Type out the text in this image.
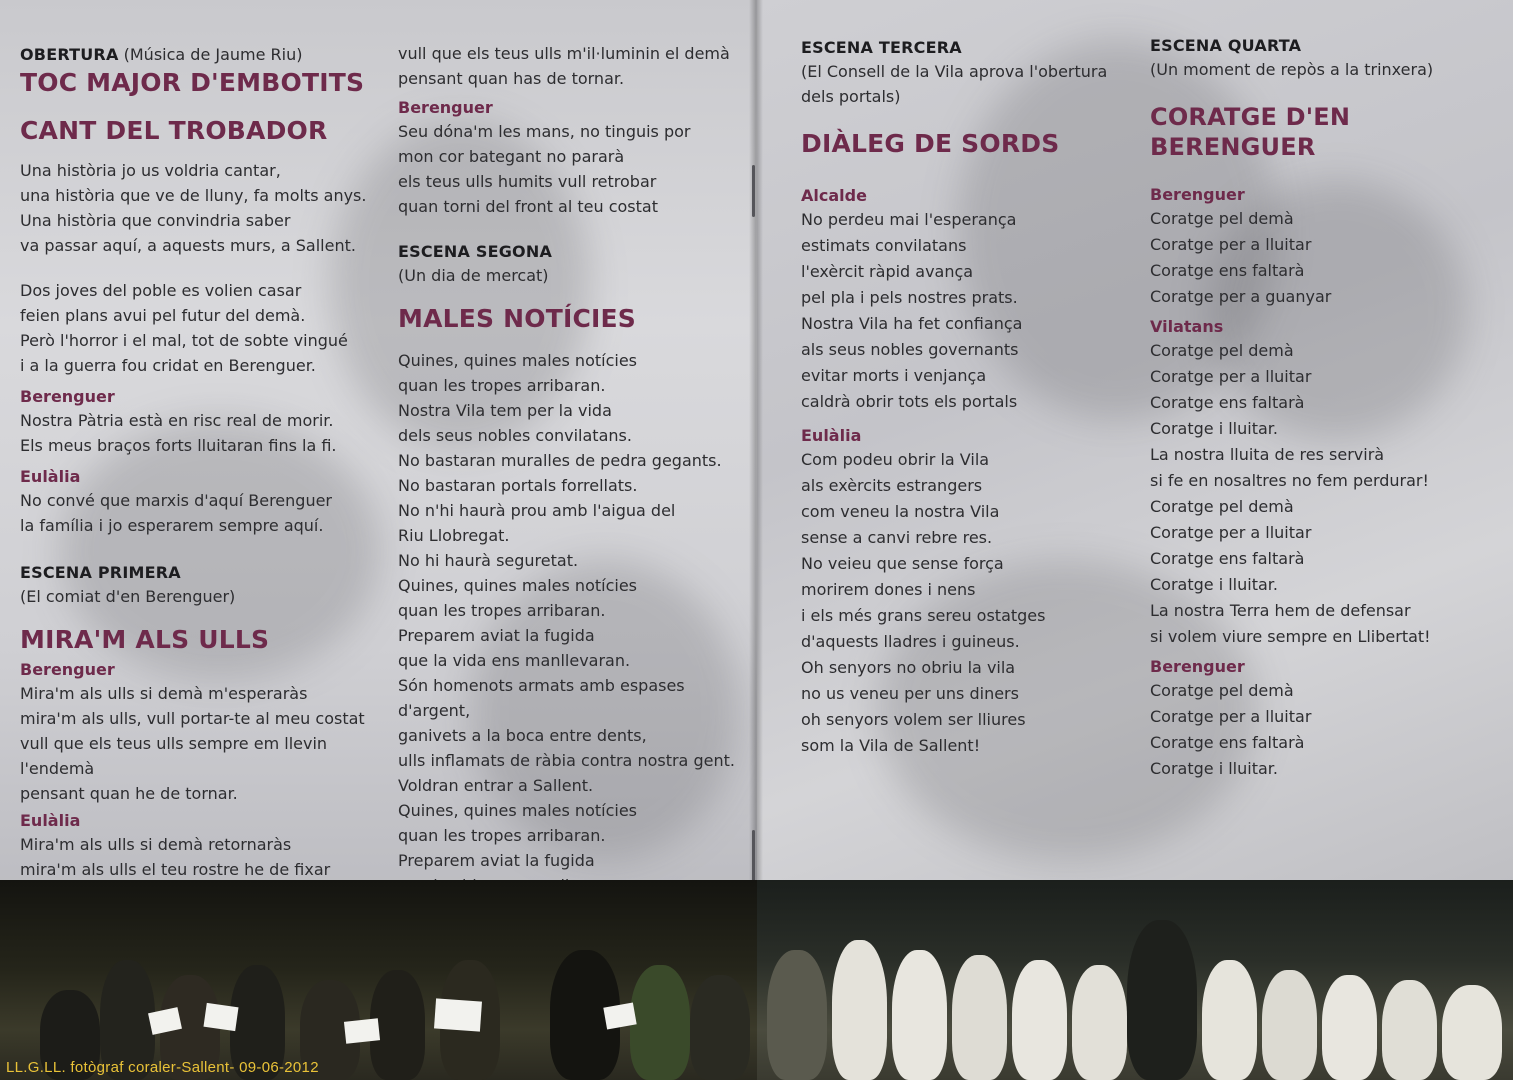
OBERTURA (Música de Jaume Riu)

TOC MAJOR D'EMBOTITS
CANT DEL TROBADOR

Una història jo us voldria cantar,

una història que ve de lluny, fa molts anys.

Una història que convindria saber

va passar aquí, a aquests murs, a Sallent.

Dos joves del poble es volien casar

feien plans avui pel futur del demà.

Però l'horror i el mal, tot de sobte vingué

i a la guerra fou cridat en Berenguer.

Berenguer

Nostra Pàtria està en risc real de morir.

Els meus braços forts lluitaran fins la fi.

Eulàlia

No convé que marxis d'aquí Berenguer

la família i jo esperarem sempre aquí.

ESCENA PRIMERA

(El comiat d'en Berenguer)

MIRA'M ALS ULLS
Berenguer

Mira'm als ulls si demà m'esperaràs

mira'm als ulls, vull portar-te al meu costat

vull que els teus ulls sempre em llevin l'endemà

pensant quan he de tornar.

Eulàlia

Mira'm als ulls si demà retornaràs

mira'm als ulls el teu rostre he de fixar

vull que els teus ulls m'il·luminin el demà

pensant quan has de tornar.

Berenguer

Seu dóna'm les mans, no tinguis por

mon cor bategant no pararà

els teus ulls humits vull retrobar

quan torni del front al teu costat

ESCENA SEGONA

(Un dia de mercat)

MALES NOTÍCIES

Quines, quines males notícies

quan les tropes arribaran.

Nostra Vila tem per la vida

dels seus nobles convilatans.

No bastaran muralles de pedra gegants.

No bastaran portals forrellats.

No n'hi haurà prou amb l'aigua del

Riu Llobregat.

No hi haurà seguretat.

Quines, quines males notícies

quan les tropes arribaran.

Preparem aviat la fugida

que la vida ens manllevaran.

Són homenots armats amb espases d'argent,

ganivets a la boca entre dents,

ulls inflamats de ràbia contra nostra gent.

Voldran entrar a Sallent.

Quines, quines males notícies

quan les tropes arribaran.

Preparem aviat la fugida

ESCENA TERCERA

(El Consell de la Vila aprova l'obertura

dels portals)

DIÀLEG DE SORDS
Alcalde

No perdeu mai l'esperança

estimats convilatans

l'exèrcit ràpid avança

pel pla i pels nostres prats.

Nostra Vila ha fet confiança

als seus nobles governants

evitar morts i venjança

caldrà obrir tots els portals

Eulàlia

Com podeu obrir la Vila

als exèrcits estrangers

com veneu la nostra Vila

sense a canvi rebre res.

No veieu que sense força

morirem dones i nens

i els més grans sereu ostatges

d'aquests lladres i guineus.

Oh senyors no obriu la vila

no us veneu per uns diners

oh senyors volem ser lliures

som la Vila de Sallent!

ESCENA QUARTA

(Un moment de repòs a la trinxera)

CORATGE D'EN BERENGUER
Berenguer

Coratge pel demà

Coratge per a lluitar

Coratge ens faltarà

Coratge per a guanyar

Vilatans

Coratge pel demà

Coratge per a lluitar

Coratge ens faltarà

Coratge i lluitar.

La nostra lluita de res servirà

si fe en nosaltres no fem perdurar!

Coratge pel demà

Coratge per a lluitar

Coratge ens faltarà

Coratge i lluitar.

La nostra Terra hem de defensar

si volem viure sempre en Llibertat!

Berenguer

Coratge pel demà

Coratge per a lluitar

Coratge ens faltarà

Coratge i lluitar.

LL.G.LL. fotògraf coraler-Sallent- 09-06-2012
